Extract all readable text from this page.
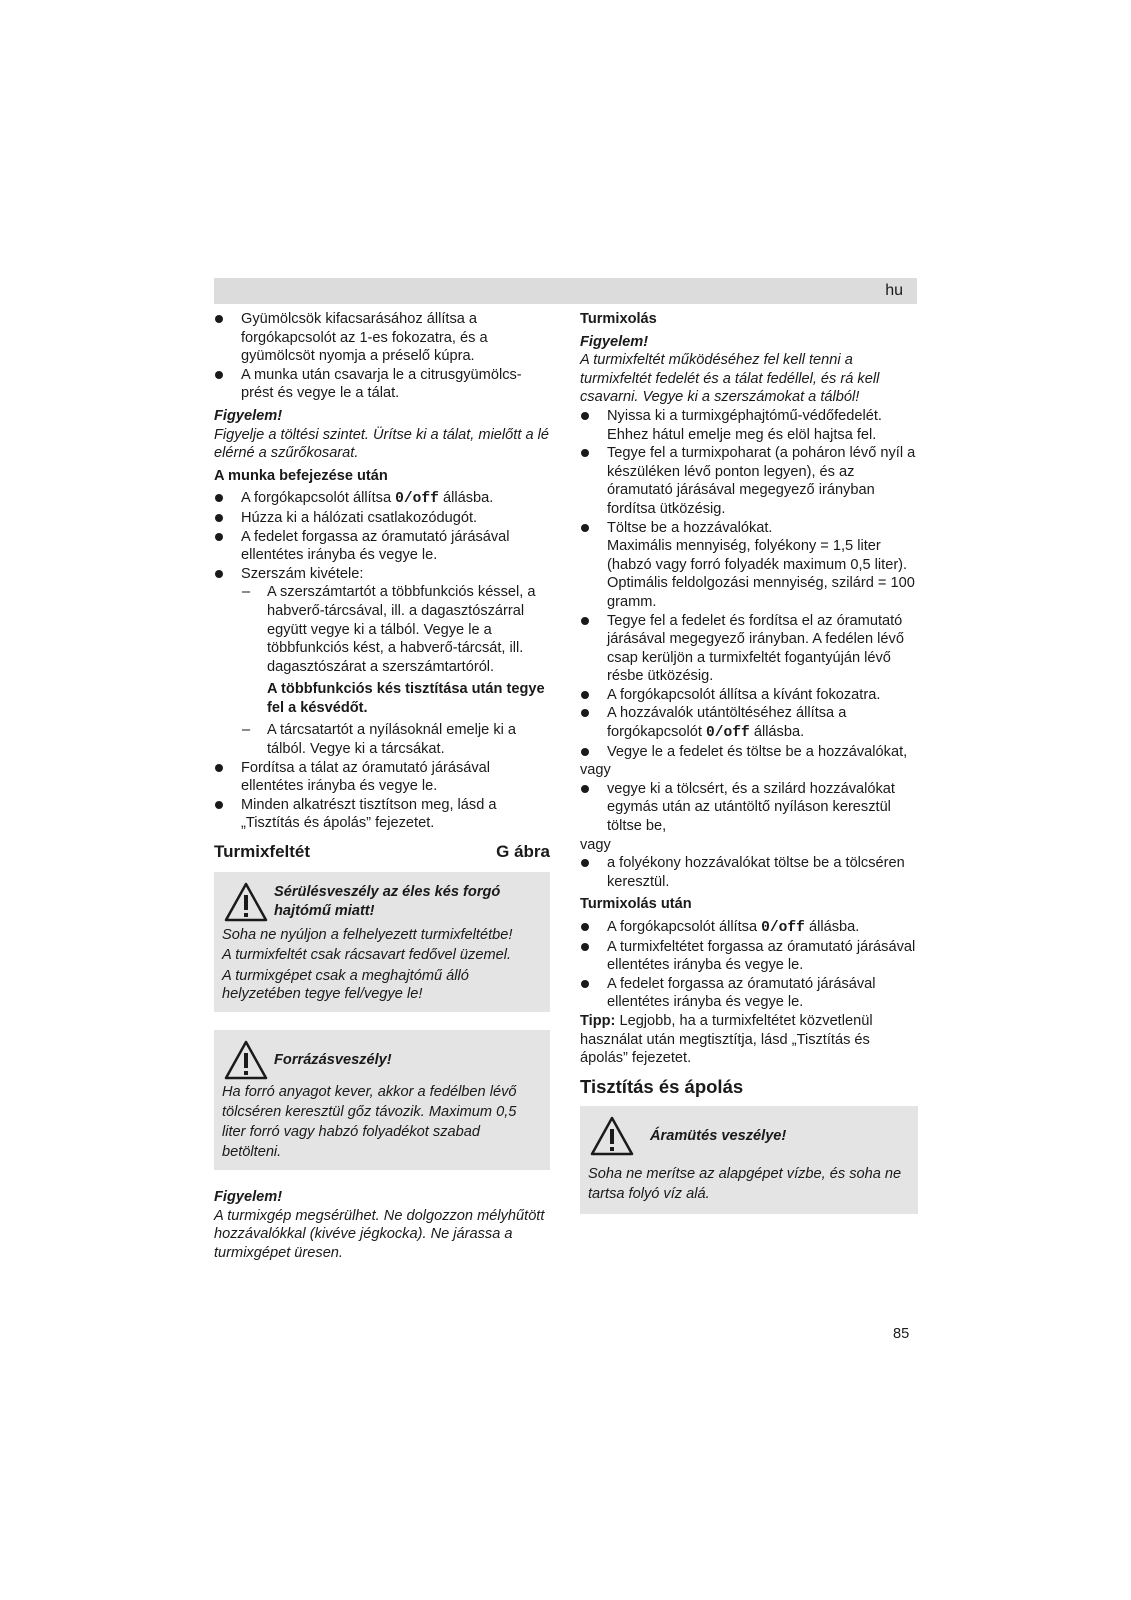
hu

Gyümölcsök kifacsarásához állítsa a forgókapcsolót az 1-es fokozatra, és a gyümölcsöt nyomja a préselő kúpra.

A munka után csavarja le a citrusgyümölcs-prést és vegye le a tálat.

Figyelem!

Figyelje a töltési szintet. Ürítse ki a tálat, mielőtt a lé elérné a szűrőkosarat.

A munka befejezése után

A forgókapcsolót állítsa 0/off állásba.

Húzza ki a hálózati csatlakozódugót.

A fedelet forgassa az óramutató járásával ellentétes irányba és vegye le.

Szerszám kivétele:

– A szerszámtartót a többfunkciós késsel, a habverő-tárcsával, ill. a dagasztószárral együtt vegye ki a tálból. Vegye le a többfunkciós kést, a habverő-tárcsát, ill. dagasztószárat a szerszámtartóról.

A többfunkciós kés tisztítása után tegye fel a késvédőt.

– A tárcsatartót a nyílásoknál emelje ki a tálból. Vegye ki a tárcsákat.

Fordítsa a tálat az óramutató járásával ellentétes irányba és vegye le.

Minden alkatrészt tisztítson meg, lásd a „Tisztítás és ápolás” fejezetet.

Turmixfeltét	G ábra
Sérülésveszély az éles kés forgó hajtómű miatt!

Soha ne nyúljon a felhelyezett turmixfeltétbe!

A turmixfeltét csak rácsavart fedővel üzemel.

A turmixgépet csak a meghajtómű álló helyzetében tegye fel/vegye le!

Forrázásveszély!

Ha forró anyagot kever, akkor a fedélben lévő tölcséren keresztül gőz távozik. Maximum 0,5 liter forró vagy habzó folyadékot szabad betölteni.

Figyelem!

A turmixgép megsérülhet. Ne dolgozzon mélyhűtött hozzávalókkal (kivéve jégkocka). Ne járassa a turmixgépet üresen.

Turmixolás

Figyelem!

A turmixfeltét működéséhez fel kell tenni a turmixfeltét fedelét és a tálat fedéllel, és rá kell csavarni. Vegye ki a szerszámokat a tálból!

Nyissa ki a turmixgéphajtómű-védőfedelét. Ehhez hátul emelje meg és elöl hajtsa fel.

Tegye fel a turmixpoharat (a poháron lévő nyíl a készüléken lévő ponton legyen), és az óramutató járásával megegyező irányban fordítsa ütközésig.

Töltse be a hozzávalókat.

Maximális mennyiség, folyékony = 1,5 liter (habzó vagy forró folyadék maximum 0,5 liter).

Optimális feldolgozási mennyiség, szilárd = 100 gramm.

Tegye fel a fedelet és fordítsa el az óramutató járásával megegyező irányban. A fedélen lévő csap kerüljön a turmixfeltét fogantyúján lévő résbe ütközésig.

A forgókapcsolót állítsa a kívánt fokozatra.

A hozzávalók utántöltéséhez állítsa a forgókapcsolót 0/off állásba.

Vegye le a fedelet és töltse be a hozzávalókat,

vagy

vegye ki a tölcsért, és a szilárd hozzávalókat egymás után az utántöltő nyíláson keresztül töltse be,

vagy

a folyékony hozzávalókat töltse be a tölcséren keresztül.

Turmixolás után

A forgókapcsolót állítsa 0/off állásba.

A turmixfeltétet forgassa az óramutató járásával ellentétes irányba és vegye le.

A fedelet forgassa az óramutató járásával ellentétes irányba és vegye le.

Tipp: Legjobb, ha a turmixfeltétet közvetlenül használat után megtisztítja, lásd „Tisztítás és ápolás” fejezetet.

Tisztítás és ápolás

Áramütés veszélye!

Soha ne merítse az alapgépet vízbe, és soha ne tartsa folyó víz alá.

85
